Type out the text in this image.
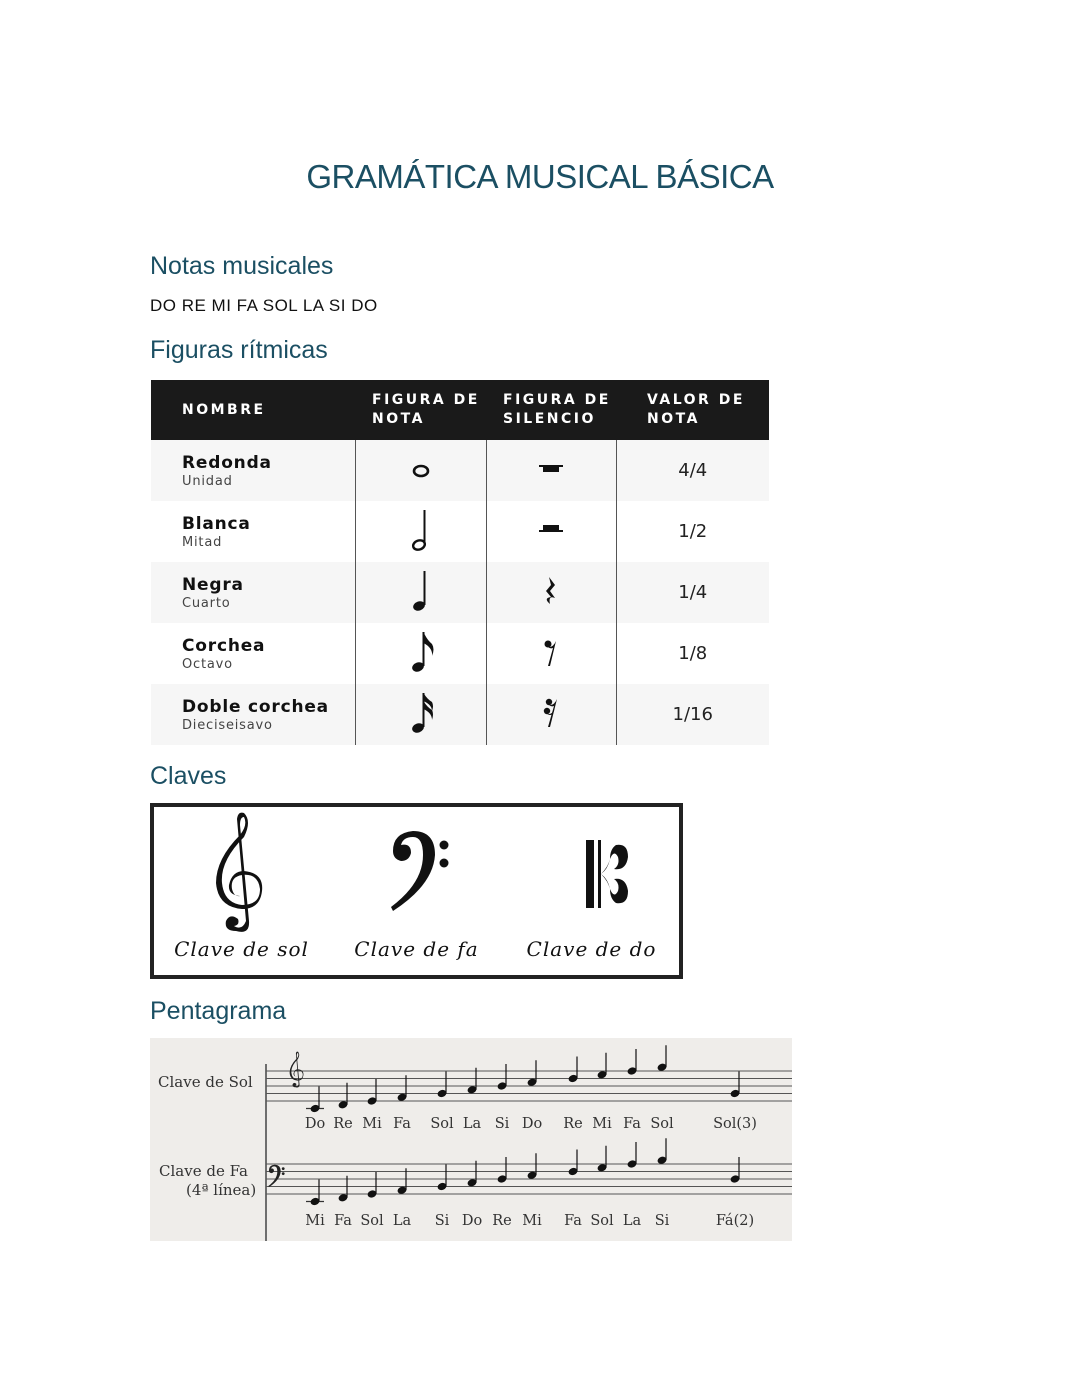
GRAMÁTICA MUSICAL BÁSICA
Notas musicales
DO RE MI FA SOL LA SI DO
Figuras rítmicas
NOMBRE	FIGURA DE NOTA	FIGURA DE SILENCIO	VALOR DE NOTA

Redonda
Unidad			4/4

Blanca
Mitad			1/2

Negra
Cuarto			1/4

Corchea
Octavo			1/8

Doble corchea
Dieciseisavo			1/16
Claves
Clave de sol	Clave de fa	Clave de do
Pentagrama
Clave de Sol
Clave de Fa
(4ª línea)
Do Re Mi Fa Sol La Si Do Re Mi Fa Sol	Sol(3)
Mi Fa Sol La Si Do Re Mi Fa Sol La Si	Fá(2)
